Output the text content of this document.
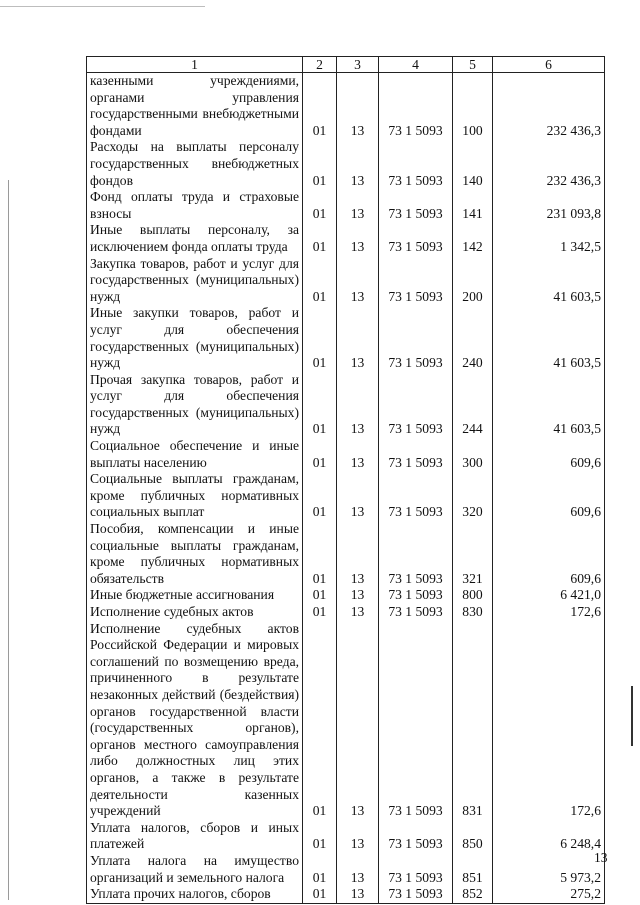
1	2	3	4	5	6
казенными учреждениями, органами управления государственными внебюджетными фондами	01	13	73 1 5093	100	232 436,3
Расходы на выплаты персоналу государственных внебюджетных фондов	01	13	73 1 5093	140	232 436,3
Фонд оплаты труда и страховые взносы	01	13	73 1 5093	141	231 093,8
Иные выплаты персоналу, за исключением фонда оплаты труда	01	13	73 1 5093	142	1 342,5
Закупка товаров, работ и услуг для государственных (муниципальных) нужд	01	13	73 1 5093	200	41 603,5
Иные закупки товаров, работ и услуг для обеспечения государственных (муниципальных) нужд	01	13	73 1 5093	240	41 603,5
Прочая закупка товаров, работ и услуг для обеспечения государственных (муниципальных) нужд	01	13	73 1 5093	244	41 603,5
Социальное обеспечение и иные выплаты населению	01	13	73 1 5093	300	609,6
Социальные выплаты гражданам, кроме публичных нормативных социальных выплат	01	13	73 1 5093	320	609,6
Пособия, компенсации и иные социальные выплаты гражданам, кроме публичных нормативных обязательств	01	13	73 1 5093	321	609,6
Иные бюджетные ассигнования	01	13	73 1 5093	800	6 421,0
Исполнение судебных актов	01	13	73 1 5093	830	172,6
Исполнение судебных актов Российской Федерации и мировых соглашений по возмещению вреда, причиненного в результате незаконных действий (бездействия) органов государственной власти (государственных органов), органов местного самоуправления либо должностных лиц этих органов, а также в результате деятельности казенных учреждений	01	13	73 1 5093	831	172,6
Уплата налогов, сборов и иных платежей	01	13	73 1 5093	850	6 248,4
Уплата налога на имущество организаций и земельного налога	01	13	73 1 5093	851	5 973,2
Уплата прочих налогов, сборов	01	13	73 1 5093	852	275,2
13
